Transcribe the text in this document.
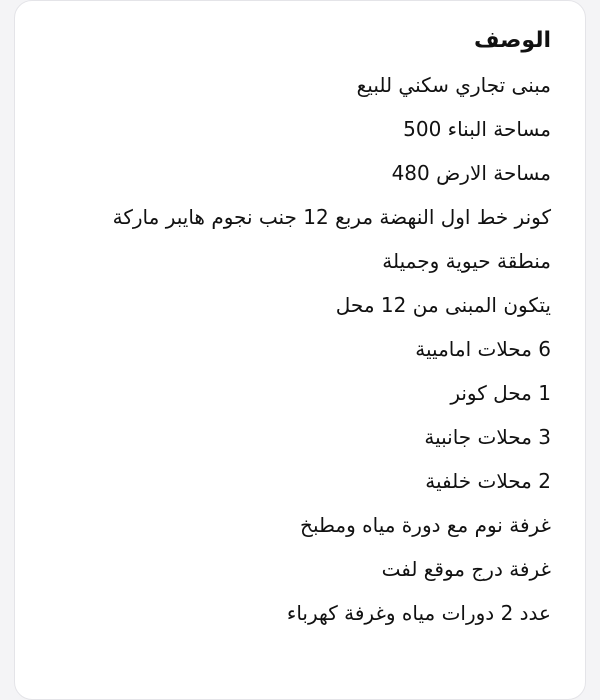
الوصف
مبنى تجاري سكني للبيع
مساحة البناء 500
مساحة الارض 480
كونر خط اول النهضة مربع 12 جنب نجوم هايبر ماركة
منطقة حيوية وجميلة
يتكون المبنى من 12 محل
6 محلات اماميية
1 محل كونر
3 محلات جانبية
2 محلات خلفية
غرفة نوم مع دورة مياه ومطبخ
غرفة درج موقع لفت
عدد 2 دورات مياه وغرفة كهرباء
